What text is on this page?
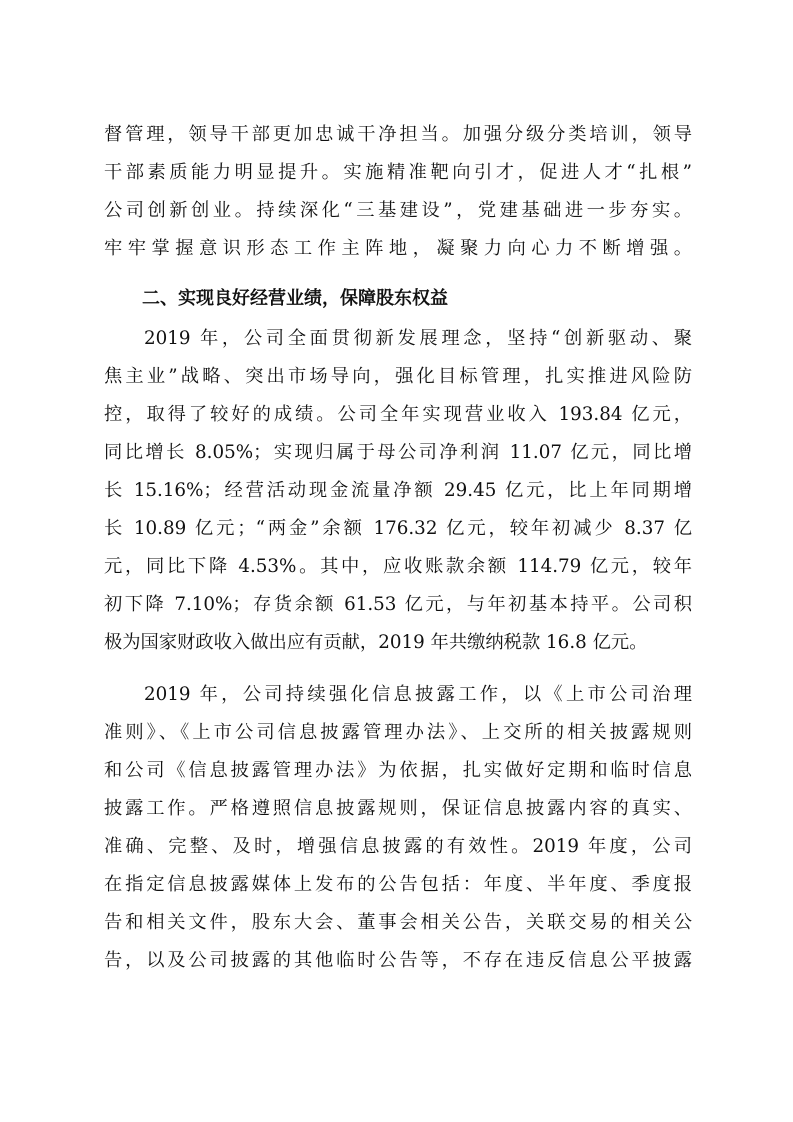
督管理，领导干部更加忠诚干净担当。加强分级分类培训，领导
干部素质能力明显提升。实施精准靶向引才，促进人才“扎根”
公司创新创业。持续深化“三基建设”，党建基础进一步夯实。
牢牢掌握意识形态工作主阵地，凝聚力向心力不断增强。
二、实现良好经营业绩，保障股东权益
2019 年，公司全面贯彻新发展理念，坚持“创新驱动、聚
焦主业”战略、突出市场导向，强化目标管理，扎实推进风险防
控，取得了较好的成绩。公司全年实现营业收入 193.84 亿元，
同比增长 8.05%；实现归属于母公司净利润 11.07 亿元，同比增
长 15.16%；经营活动现金流量净额 29.45 亿元，比上年同期增
长 10.89 亿元；“两金”余额 176.32 亿元，较年初减少 8.37 亿
元，同比下降 4.53%。其中，应收账款余额 114.79 亿元，较年
初下降 7.10%；存货余额 61.53 亿元，与年初基本持平。公司积
极为国家财政收入做出应有贡献，2019 年共缴纳税款 16.8 亿元。
2019 年，公司持续强化信息披露工作，以《上市公司治理
准则》、《上市公司信息披露管理办法》、上交所的相关披露规则
和公司《信息披露管理办法》为依据，扎实做好定期和临时信息
披露工作。严格遵照信息披露规则，保证信息披露内容的真实、
准确、完整、及时，增强信息披露的有效性。2019 年度，公司
在指定信息披露媒体上发布的公告包括：年度、半年度、季度报
告和相关文件，股东大会、董事会相关公告，关联交易的相关公
告，以及公司披露的其他临时公告等，不存在违反信息公平披露
